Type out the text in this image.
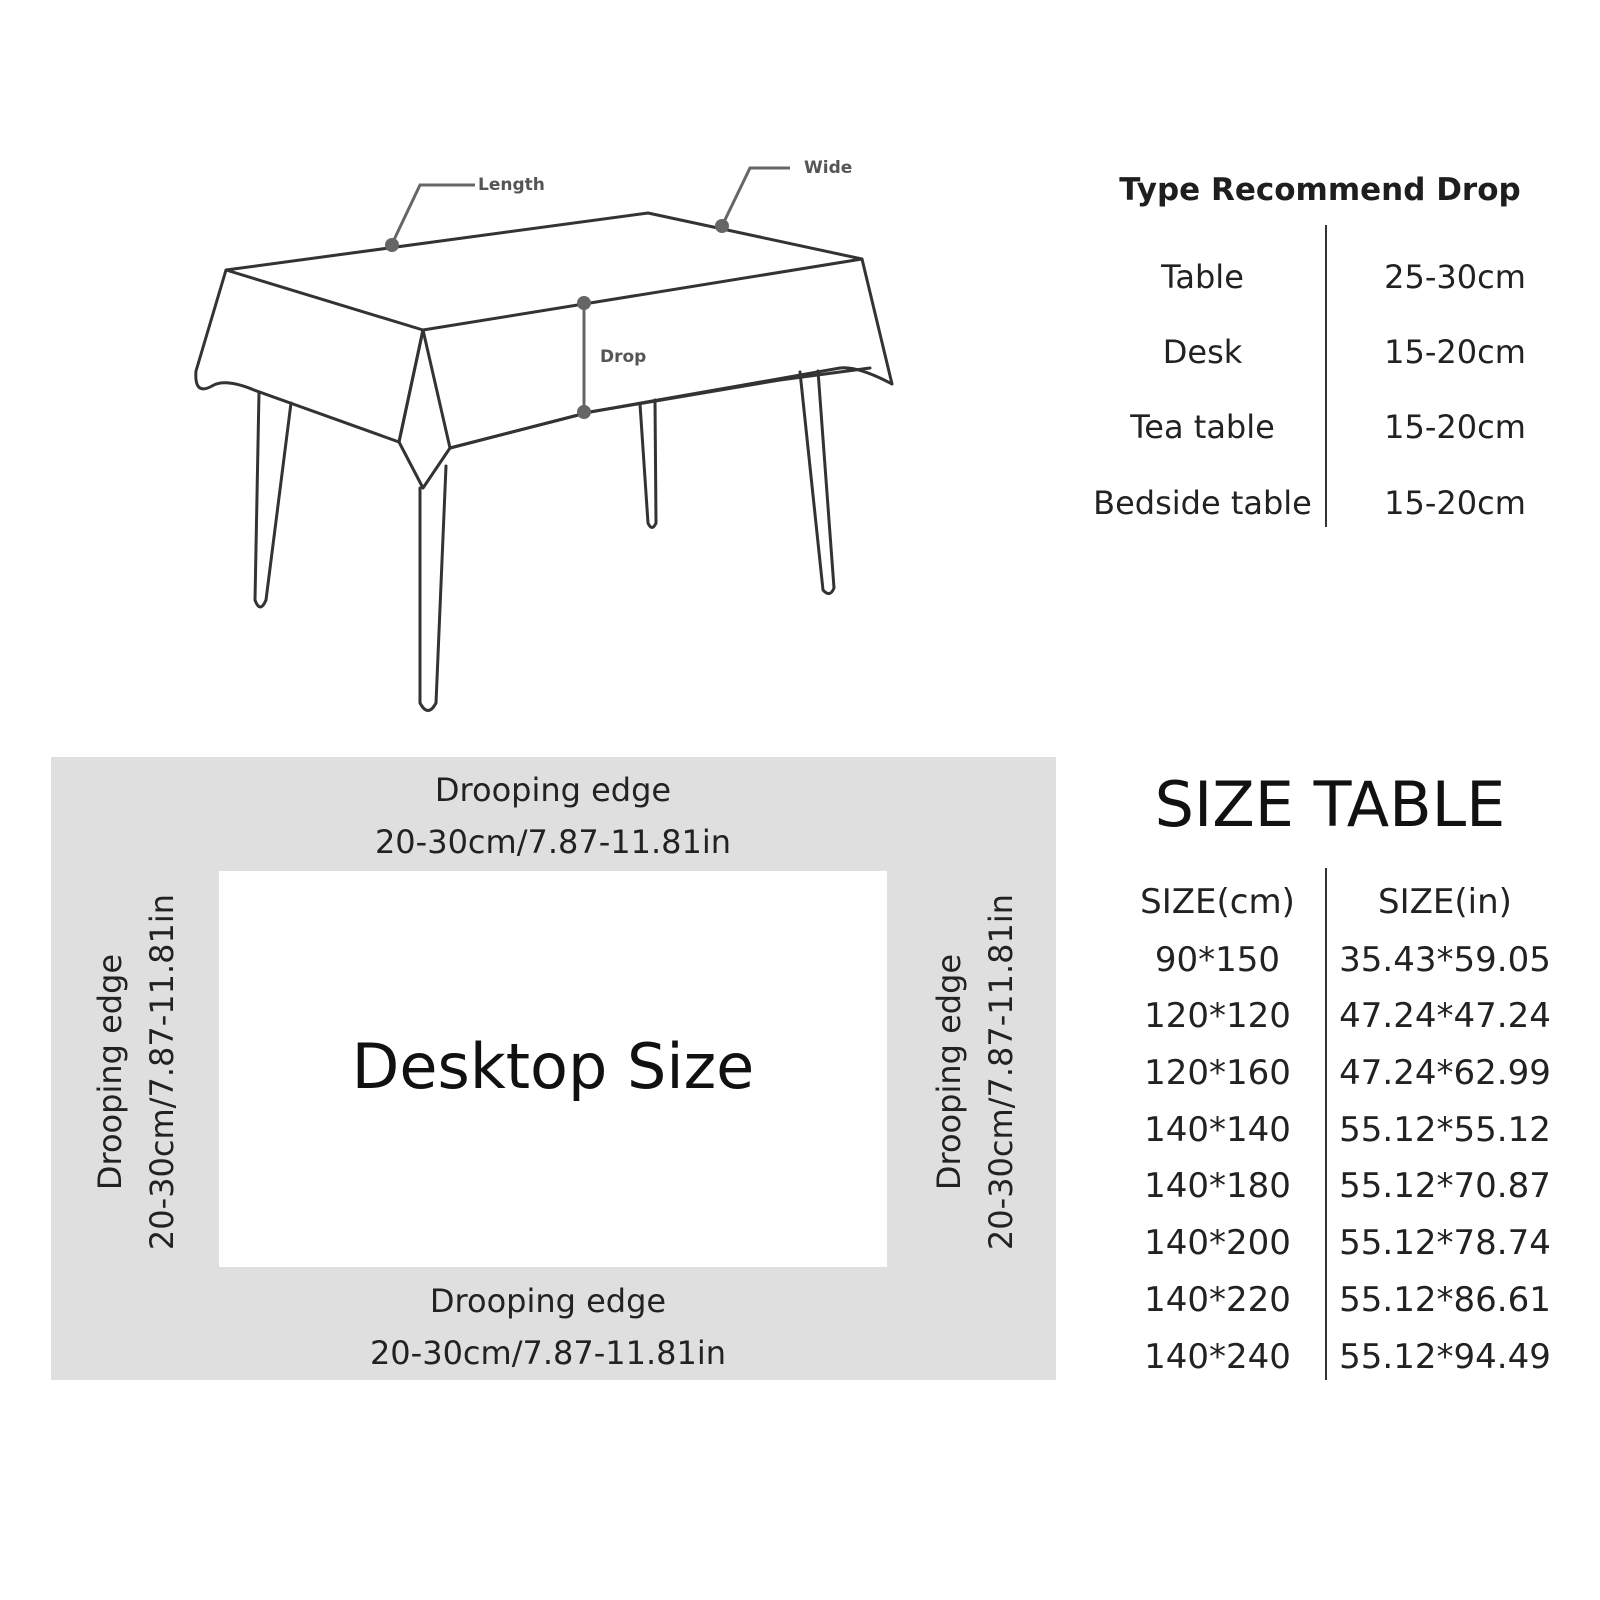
Length
Wide
Drop
Type Recommend Drop
Table	25-30cm
Desk	15-20cm
Tea table	15-20cm
Bedside table	15-20cm
Desktop Size
Drooping edge
20-30cm/7.87-11.81in
Drooping edge
20-30cm/7.87-11.81in
Drooping edge 20-30cm/7.87-11.81in	Drooping edge 20-30cm/7.87-11.81in
SIZE TABLE
SIZE(cm)	SIZE(in)
90*150	35.43*59.05
120*120	47.24*47.24
120*160	47.24*62.99
140*140	55.12*55.12
140*180	55.12*70.87
140*200	55.12*78.74
140*220	55.12*86.61
140*240	55.12*94.49
